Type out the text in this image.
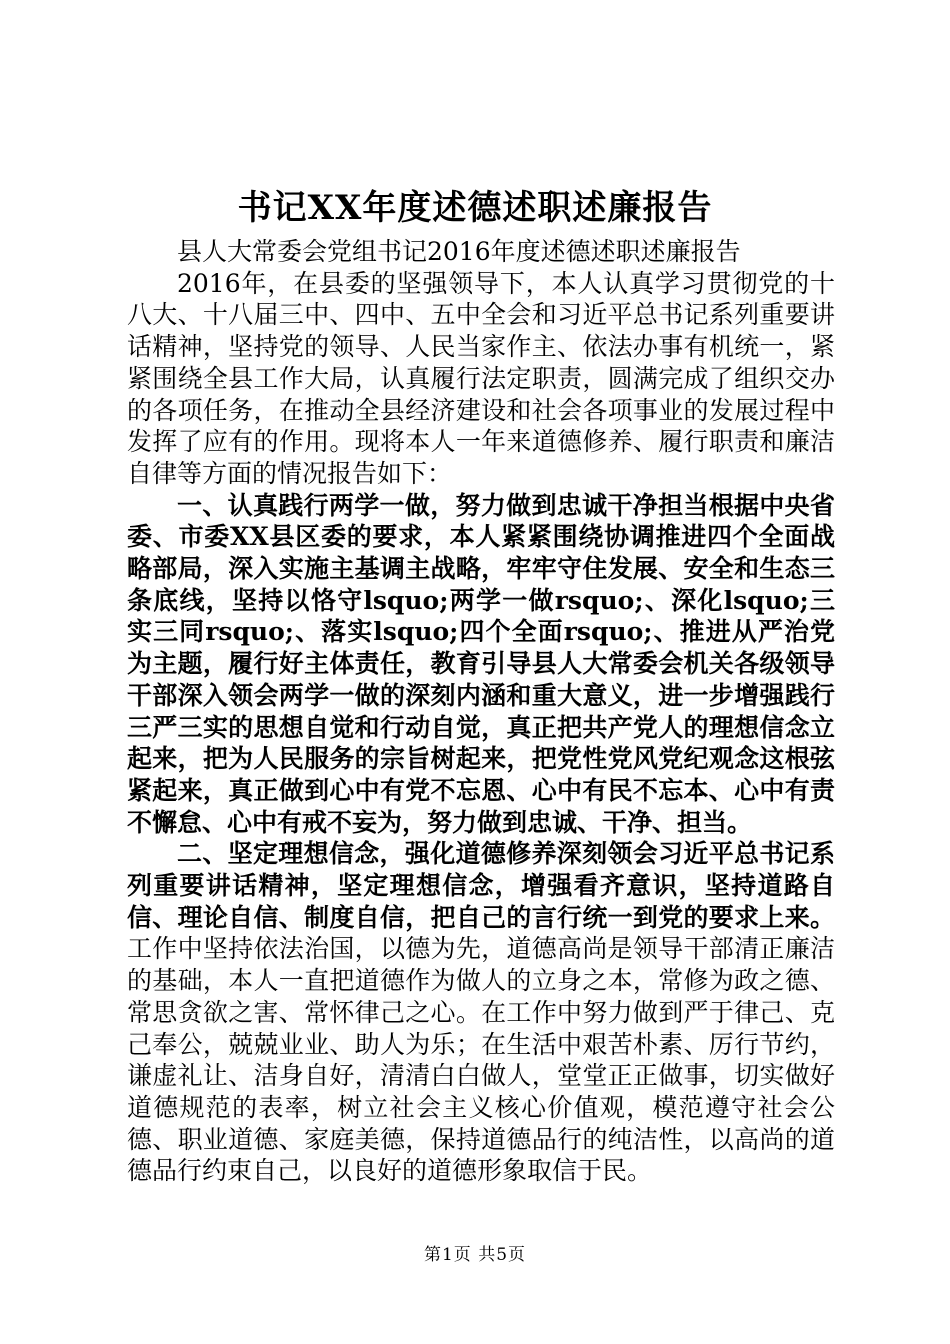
书记XX年度述德述职述廉报告

县人大常委会党组书记2016年度述德述职述廉报告

2016年，在县委的坚强领导下，本人认真学习贯彻党的十八大、十八届三中、四中、五中全会和习近平总书记系列重要讲话精神，坚持党的领导、人民当家作主、依法办事有机统一，紧紧围绕全县工作大局，认真履行法定职责，圆满完成了组织交办的各项任务，在推动全县经济建设和社会各项事业的发展过程中发挥了应有的作用。现将本人一年来道德修养、履行职责和廉洁自律等方面的情况报告如下：

一、认真践行两学一做，努力做到忠诚干净担当根据中央省委、市委XX县区委的要求，本人紧紧围绕协调推进四个全面战略部局，深入实施主基调主战略，牢牢守住发展、安全和生态三条底线，坚持以恪守lsquo;两学一做rsquo;、深化lsquo;三实三同rsquo;、落实lsquo;四个全面rsquo;、推进从严治党为主题，履行好主体责任，教育引导县人大常委会机关各级领导干部深入领会两学一做的深刻内涵和重大意义，进一步增强践行三严三实的思想自觉和行动自觉，真正把共产党人的理想信念立起来，把为人民服务的宗旨树起来，把党性党风党纪观念这根弦紧起来，真正做到心中有党不忘恩、心中有民不忘本、心中有责不懈怠、心中有戒不妄为，努力做到忠诚、干净、担当。

二、坚定理想信念，强化道德修养深刻领会习近平总书记系列重要讲话精神，坚定理想信念，增强看齐意识，坚持道路自信、理论自信、制度自信，把自己的言行统一到党的要求上来。工作中坚持依法治国，以德为先，道德高尚是领导干部清正廉洁的基础，本人一直把道德作为做人的立身之本，常修为政之德、常思贪欲之害、常怀律己之心。在工作中努力做到严于律己、克己奉公，兢兢业业、助人为乐；在生活中艰苦朴素、厉行节约，谦虚礼让、洁身自好，清清白白做人，堂堂正正做事，切实做好道德规范的表率，树立社会主义核心价值观，模范遵守社会公德、职业道德、家庭美德，保持道德品行的纯洁性，以高尚的道德品行约束自己，以良好的道德形象取信于民。

第1页 共5页
